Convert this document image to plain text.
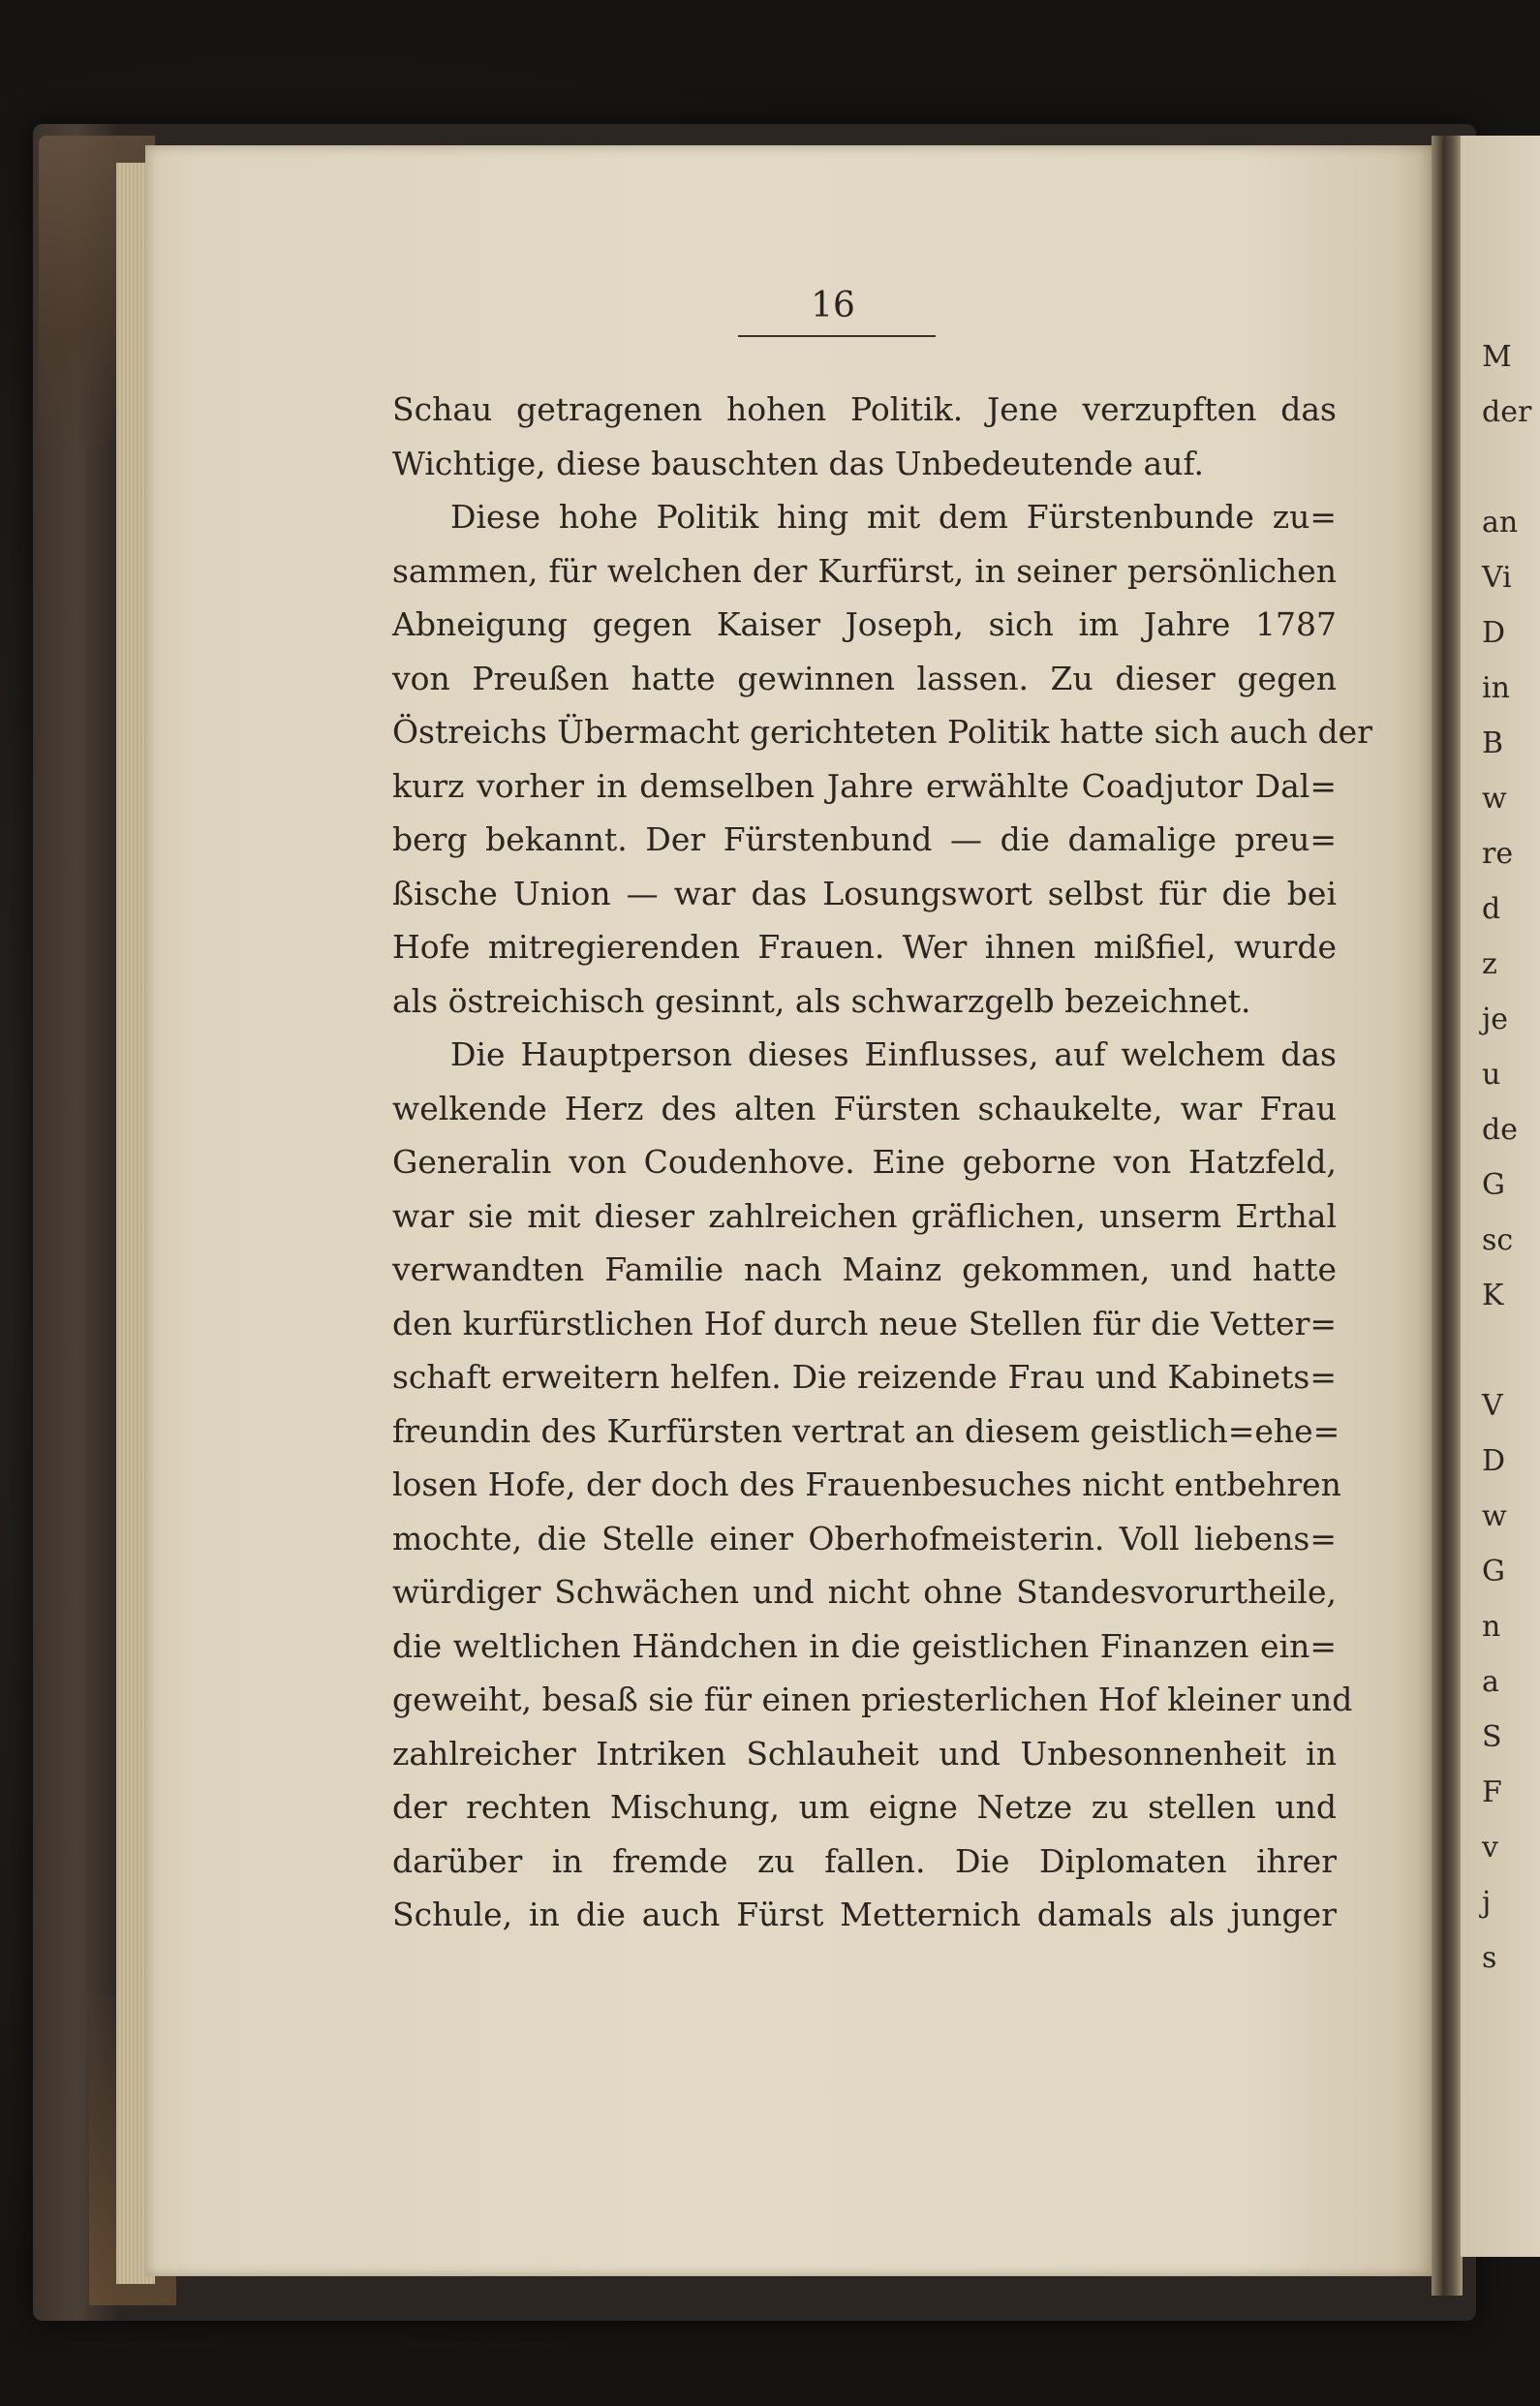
M
der
an
Vi
D
in
B
w
re
d
z
je
u
de
G
sc
K
V
D
w
G
n
a
S
F
v
j
s
16
Schau getragenen hohen Politik. Jene verzupften das
Wichtige, diese bauschten das Unbedeutende auf.
Diese hohe Politik hing mit dem Fürstenbunde zu=
sammen, für welchen der Kurfürst, in seiner persönlichen
Abneigung gegen Kaiser Joseph, sich im Jahre 1787
von Preußen hatte gewinnen lassen. Zu dieser gegen
Östreichs Übermacht gerichteten Politik hatte sich auch der
kurz vorher in demselben Jahre erwählte Coadjutor Dal=
berg bekannt. Der Fürstenbund — die damalige preu=
ßische Union — war das Losungswort selbst für die bei
Hofe mitregierenden Frauen. Wer ihnen mißfiel, wurde
als östreichisch gesinnt, als schwarzgelb bezeichnet.
Die Hauptperson dieses Einflusses, auf welchem das
welkende Herz des alten Fürsten schaukelte, war Frau
Generalin von Coudenhove. Eine geborne von Hatzfeld,
war sie mit dieser zahlreichen gräflichen, unserm Erthal
verwandten Familie nach Mainz gekommen, und hatte
den kurfürstlichen Hof durch neue Stellen für die Vetter=
schaft erweitern helfen. Die reizende Frau und Kabinets=
freundin des Kurfürsten vertrat an diesem geistlich=ehe=
losen Hofe, der doch des Frauenbesuches nicht entbehren
mochte, die Stelle einer Oberhofmeisterin. Voll liebens=
würdiger Schwächen und nicht ohne Standesvorurtheile,
die weltlichen Händchen in die geistlichen Finanzen ein=
geweiht, besaß sie für einen priesterlichen Hof kleiner und
zahlreicher Intriken Schlauheit und Unbesonnenheit in
der rechten Mischung, um eigne Netze zu stellen und
darüber in fremde zu fallen. Die Diplomaten ihrer
Schule, in die auch Fürst Metternich damals als junger
